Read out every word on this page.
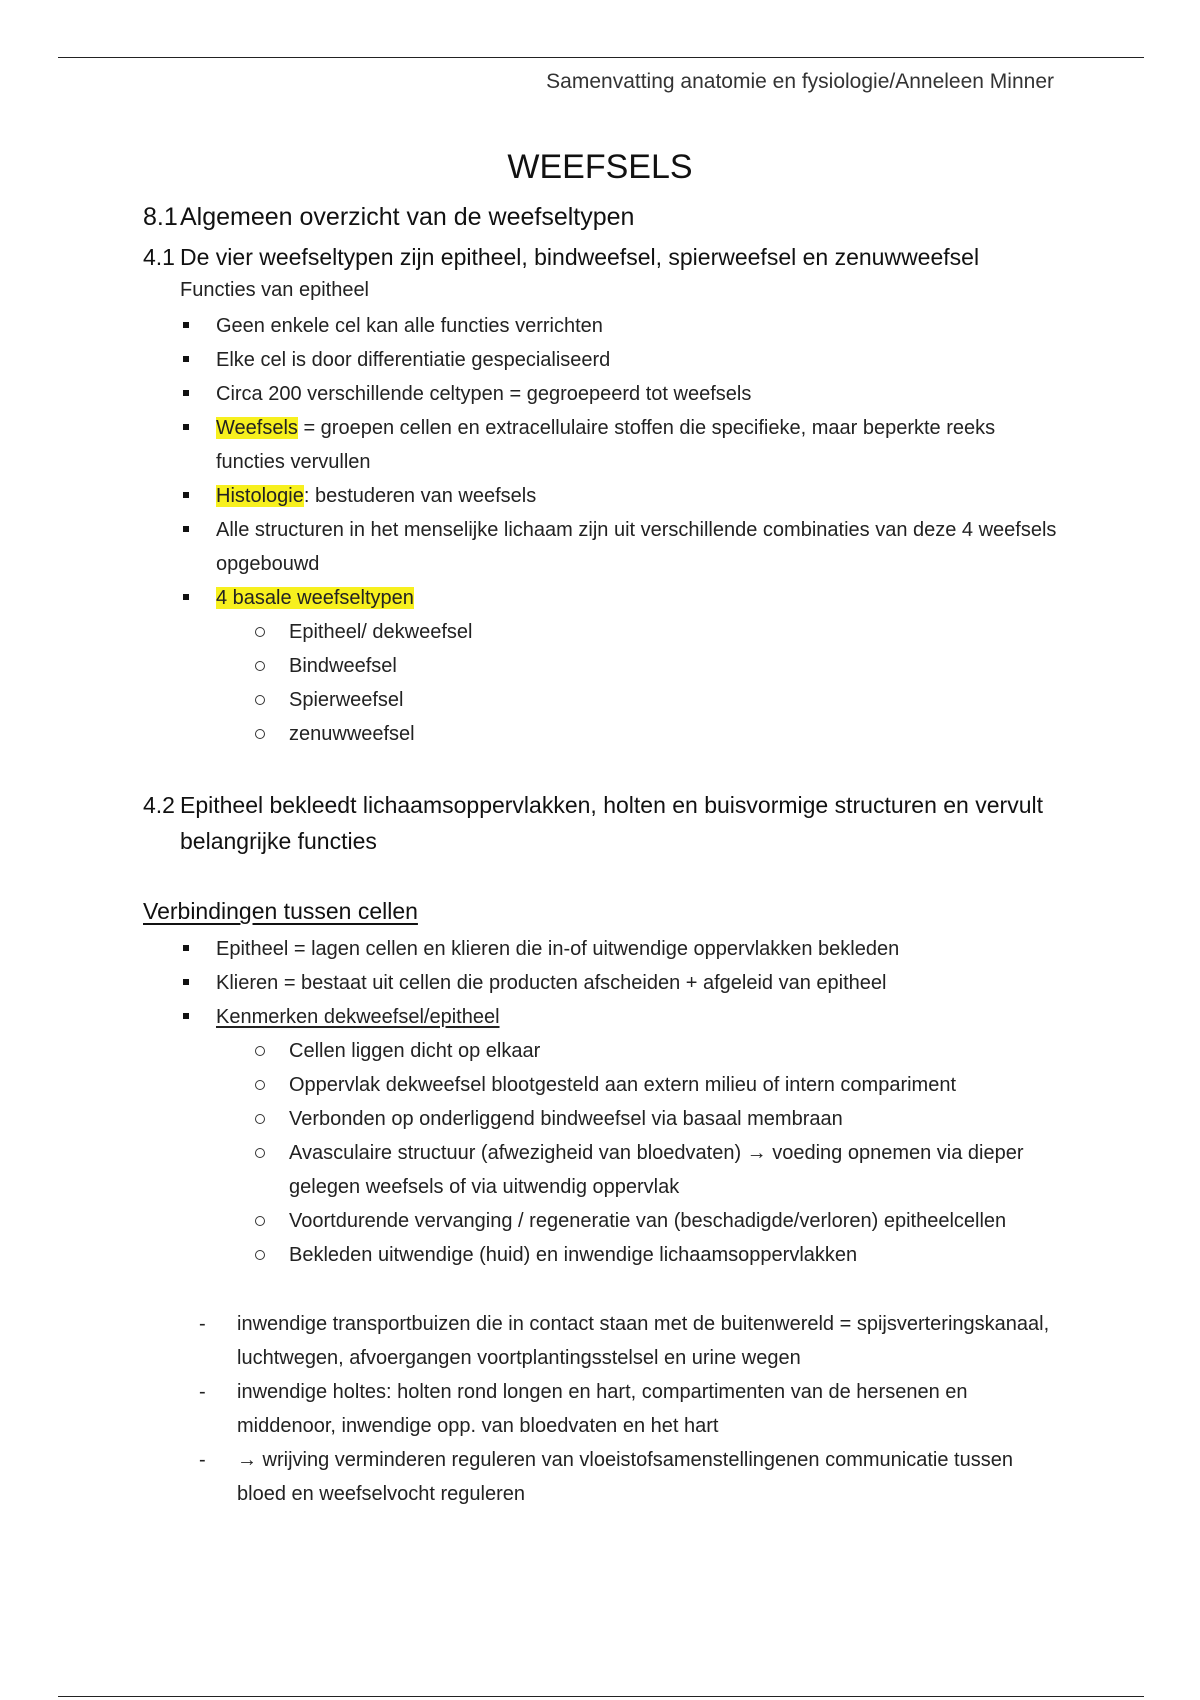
Samenvatting anatomie en fysiologie/Anneleen Minner
WEEFSELS
8.1Algemeen overzicht van de weefseltypen
4.1 De vier weefseltypen zijn epitheel, bindweefsel, spierweefsel en zenuwweefsel
Functies van epitheel
Geen enkele cel kan alle functies verrichten
Elke cel is door differentiatie gespecialiseerd
Circa 200 verschillende celtypen = gegroepeerd tot weefsels
Weefsels = groepen cellen en extracellulaire stoffen die specifieke, maar beperkte reeks functies vervullen
Histologie: bestuderen van weefsels
Alle structuren in het menselijke lichaam zijn uit verschillende combinaties van deze 4 weefsels opgebouwd
4 basale weefseltypen
Epitheel/ dekweefsel
Bindweefsel
Spierweefsel
zenuwweefsel
4.2 Epitheel bekleedt lichaamsoppervlakken, holten en buisvormige structuren en vervult belangrijke functies
Verbindingen tussen cellen
Epitheel = lagen cellen en klieren die in-of uitwendige oppervlakken bekleden
Klieren = bestaat uit cellen die producten afscheiden + afgeleid van epitheel
Kenmerken dekweefsel/epitheel
Cellen liggen dicht op elkaar
Oppervlak dekweefsel blootgesteld aan extern milieu of intern compariment
Verbonden op onderliggend bindweefsel via basaal membraan
Avasculaire structuur (afwezigheid van bloedvaten) → voeding opnemen via dieper gelegen weefsels of via uitwendig oppervlak
Voortdurende vervanging / regeneratie van (beschadigde/verloren) epitheelcellen
Bekleden uitwendige (huid) en inwendige lichaamsoppervlakken
- inwendige transportbuizen die in contact staan met de buitenwereld = spijsverteringskanaal, luchtwegen, afvoergangen voortplantingsstelsel en urine wegen
- inwendige holtes: holten rond longen en hart, compartimenten van de hersenen en middenoor, inwendige opp. van bloedvaten en het hart
- → wrijving verminderen reguleren van vloeistofsamenstellingenen communicatie tussen bloed en weefselvocht reguleren
